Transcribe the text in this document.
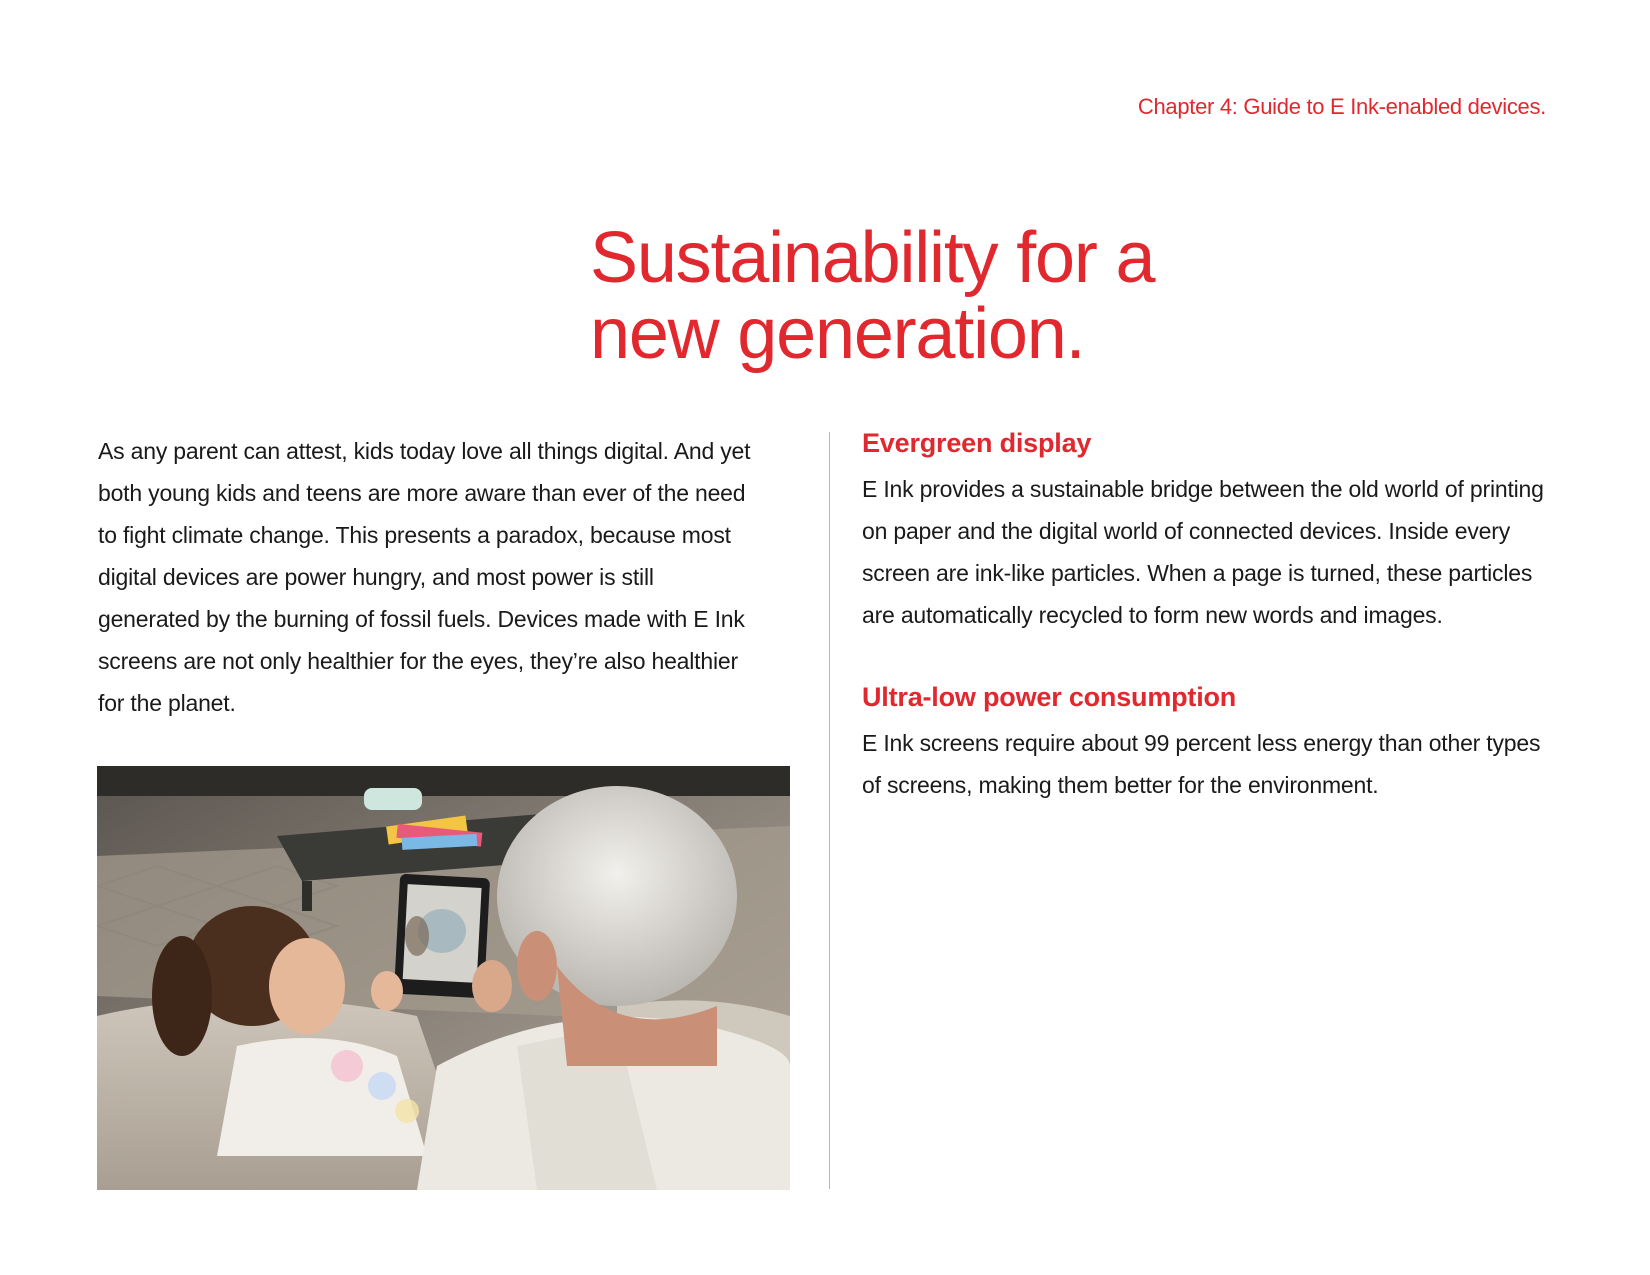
Chapter 4: Guide to E Ink-enabled devices.
Sustainability for a
new generation.

As any parent can attest, kids today love all things digital. And yet both young kids and teens are more aware than ever of the need to fight climate change. This presents a paradox, because most digital devices are power hungry, and most power is still generated by the burning of fossil fuels. Devices made with E Ink screens are not only healthier for the eyes, they’re also healthier for the planet.

Evergreen display

E Ink provides a sustainable bridge between the old world of printing on paper and the digital world of connected devices. Inside every screen are ink-like particles. When a page is turned, these particles are automatically recycled to form new words and images.

Ultra-low power consumption

E Ink screens require about 99 percent less energy than other types of screens, making them better for the environment.
